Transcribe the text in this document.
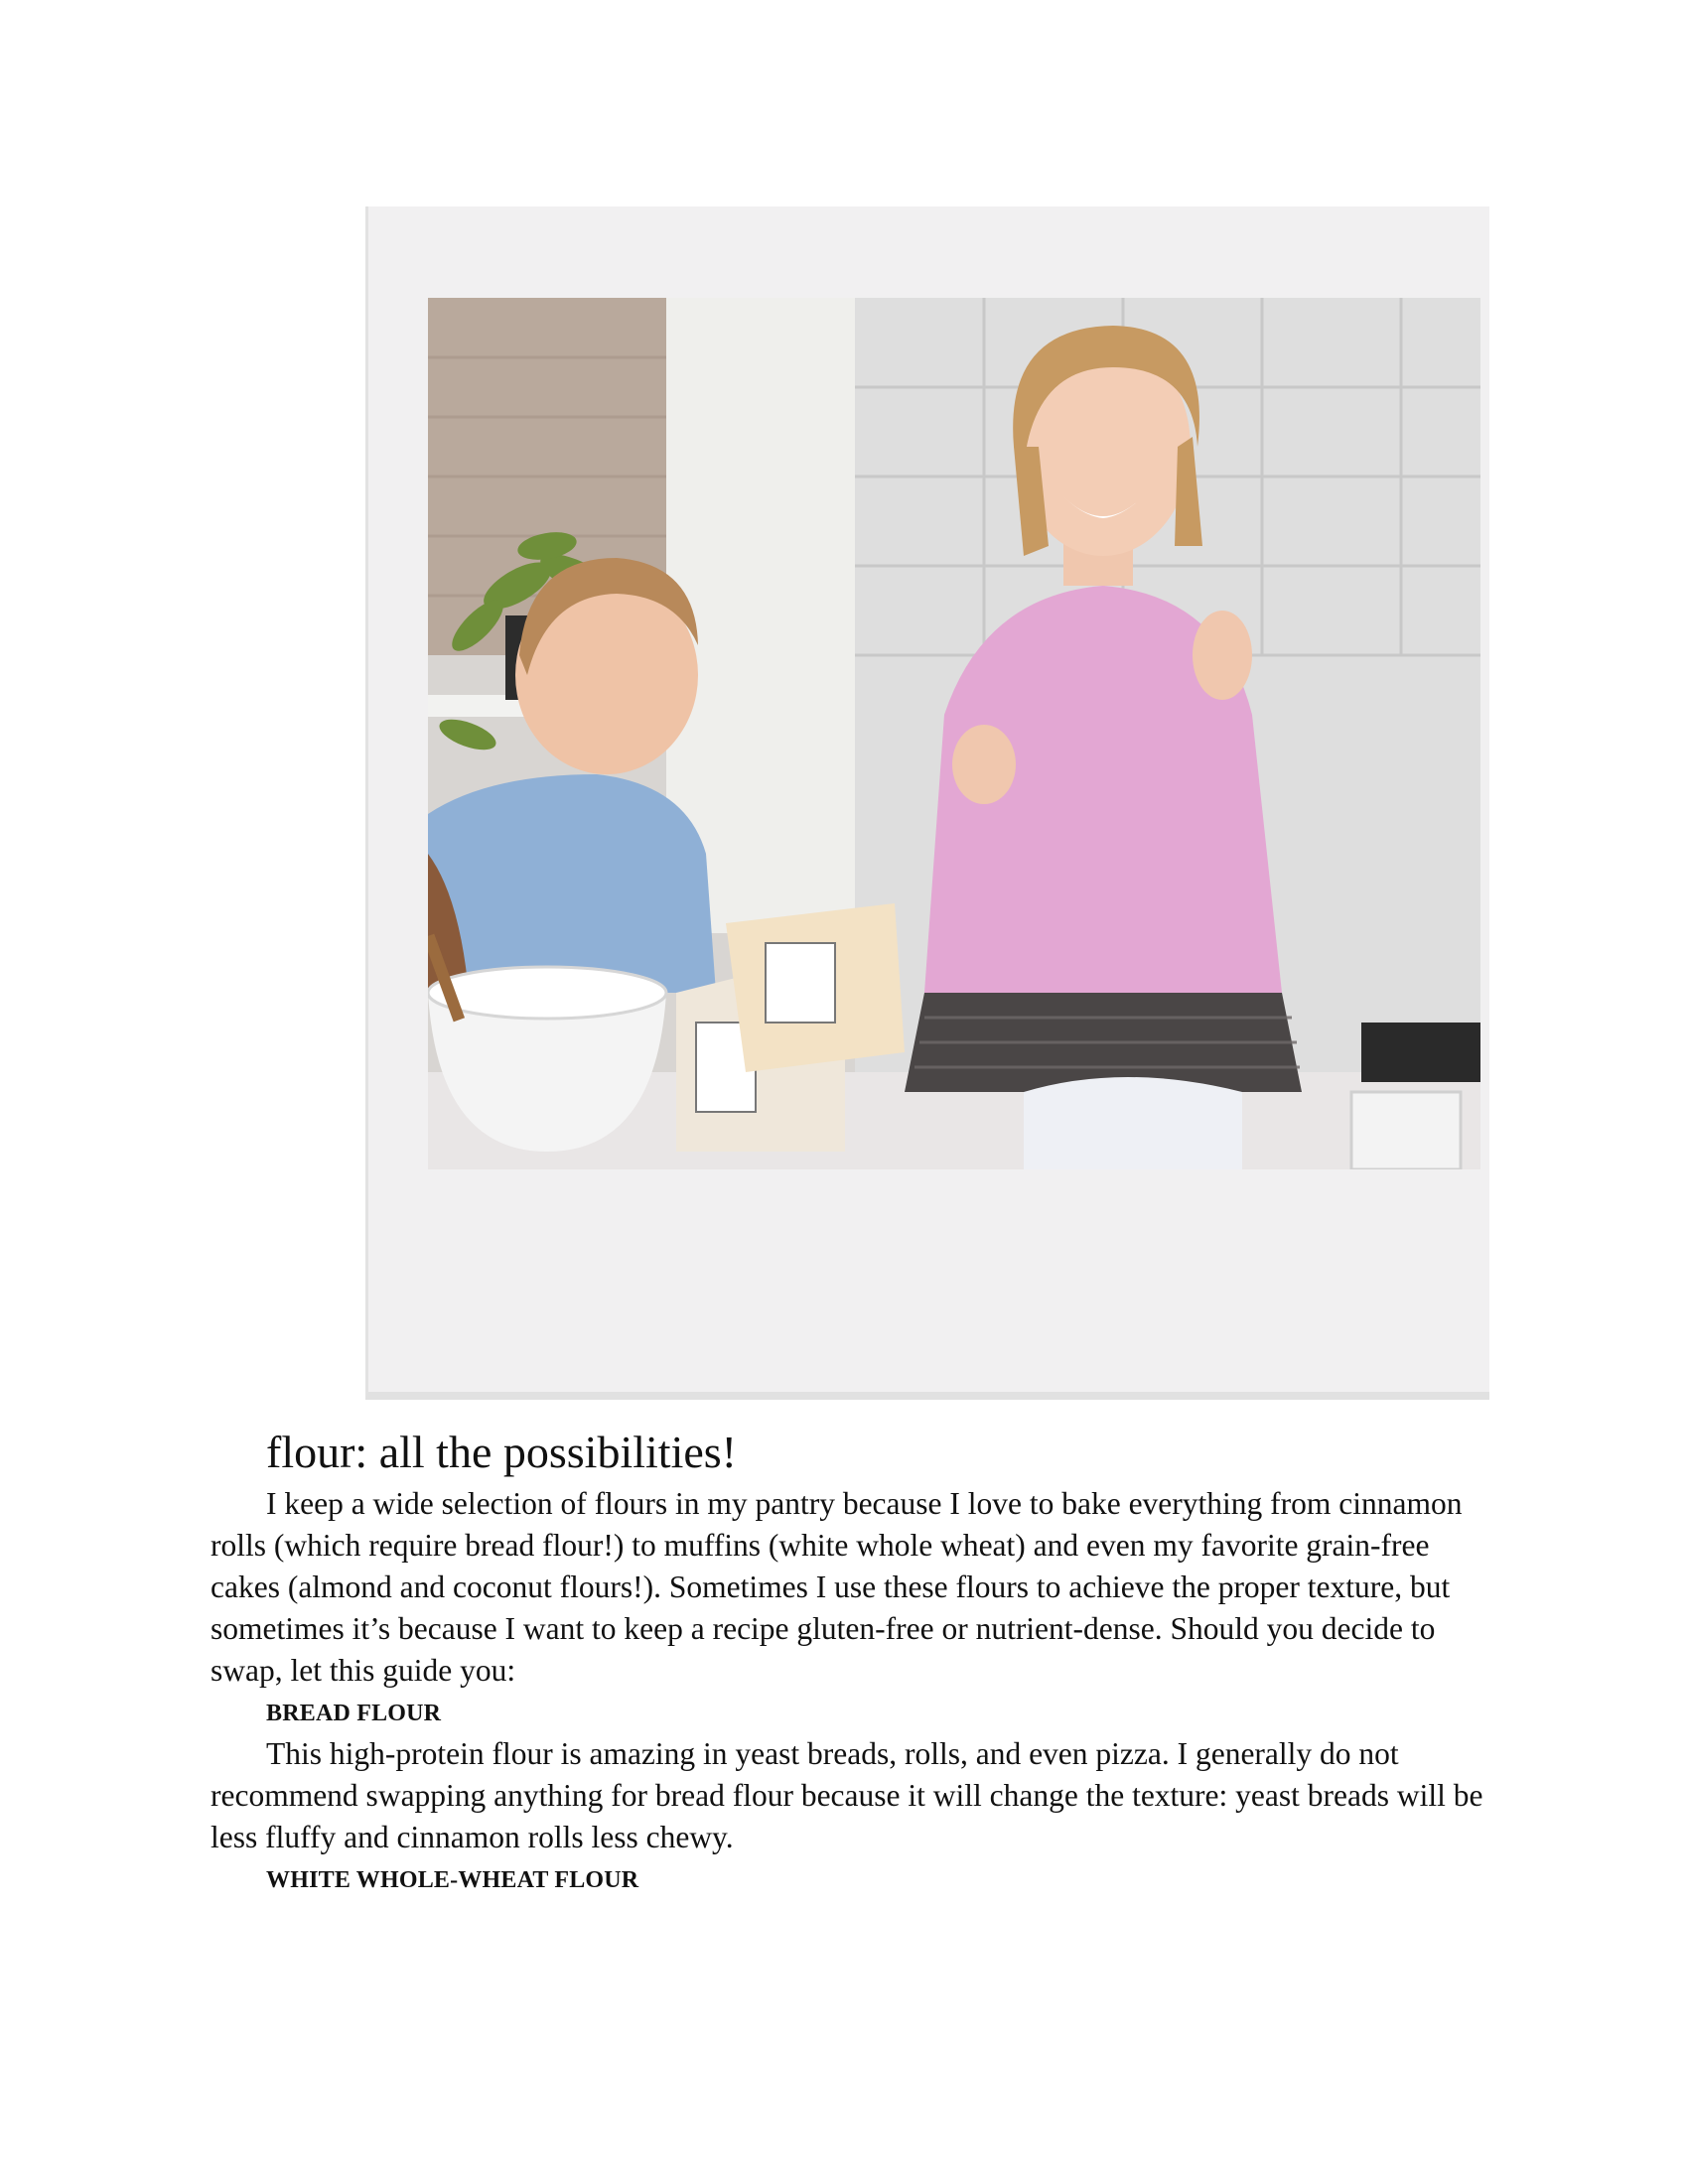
flour: all the possibilities!

I keep a wide selection of flours in my pantry because I love to bake everything from cinnamon rolls (which require bread flour!) to muffins (white whole wheat) and even my favorite grain-free cakes (almond and coconut flours!). Sometimes I use these flours to achieve the proper texture, but sometimes it’s because I want to keep a recipe gluten-free or nutrient-dense. Should you decide to swap, let this guide you:

BREAD FLOUR

This high-protein flour is amazing in yeast breads, rolls, and even pizza. I generally do not recommend swapping anything for bread flour because it will change the texture: yeast breads will be less fluffy and cinnamon rolls less chewy.

WHITE WHOLE-WHEAT FLOUR
